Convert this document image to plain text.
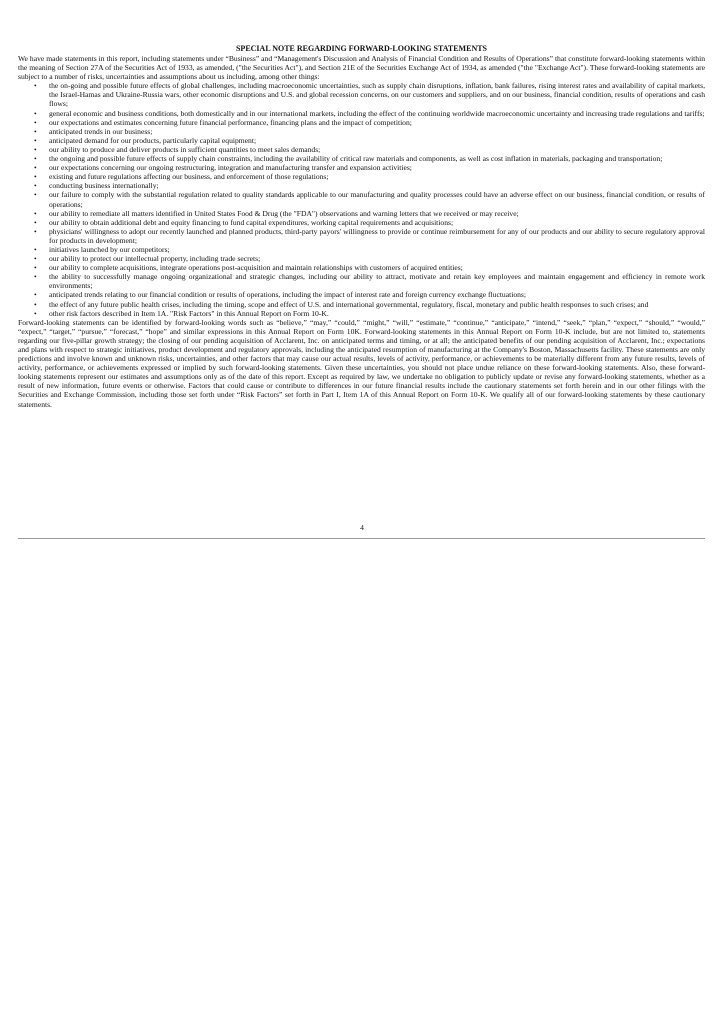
SPECIAL NOTE REGARDING FORWARD-LOOKING STATEMENTS

We have made statements in this report, including statements under “Business” and “Management's Discussion and Analysis of Financial Condition and Results of Operations” that constitute forward-looking statements within the meaning of Section 27A of the Securities Act of 1933, as amended, ("the Securities Act"), and Section 21E of the Securities Exchange Act of 1934, as amended ("the "Exchange Act"). These forward-looking statements are subject to a number of risks, uncertainties and assumptions about us including, among other things:

• the on-going and possible future effects of global challenges, including macroeconomic uncertainties, such as supply chain disruptions, inflation, bank failures, rising interest rates and availability of capital markets, the Israel-Hamas and Ukraine-Russia wars, other economic disruptions and U.S. and global recession concerns, on our customers and suppliers, and on our business, financial condition, results of operations and cash flows;
• general economic and business conditions, both domestically and in our international markets, including the effect of the continuing worldwide macroeconomic uncertainty and increasing trade regulations and tariffs;
• our expectations and estimates concerning future financial performance, financing plans and the impact of competition;
• anticipated trends in our business;
• anticipated demand for our products, particularly capital equipment;
• our ability to produce and deliver products in sufficient quantities to meet sales demands;
• the ongoing and possible future effects of supply chain constraints, including the availability of critical raw materials and components, as well as cost inflation in materials, packaging and transportation;
• our expectations concerning our ongoing restructuring, integration and manufacturing transfer and expansion activities;
• existing and future regulations affecting our business, and enforcement of those regulations;
• conducting business internationally;
• our failure to comply with the substantial regulation related to quality standards applicable to our manufacturing and quality processes could have an adverse effect on our business, financial condition, or results of operations;
• our ability to remediate all matters identified in United States Food & Drug (the "FDA") observations and warning letters that we received or may receive;
• our ability to obtain additional debt and equity financing to fund capital expenditures, working capital requirements and acquisitions;
• physicians' willingness to adopt our recently launched and planned products, third-party payors' willingness to provide or continue reimbursement for any of our products and our ability to secure regulatory approval for products in development;
• initiatives launched by our competitors;
• our ability to protect our intellectual property, including trade secrets;
• our ability to complete acquisitions, integrate operations post-acquisition and maintain relationships with customers of acquired entities;
• the ability to successfully manage ongoing organizational and strategic changes, including our ability to attract, motivate and retain key employees and maintain engagement and efficiency in remote work environments;
• anticipated trends relating to our financial condition or results of operations, including the impact of interest rate and foreign currency exchange fluctuations;
• the effect of any future public health crises, including the timing, scope and effect of U.S. and international governmental, regulatory, fiscal, monetary and public health responses to such crises; and
• other risk factors described in Item 1A. "Risk Factors" in this Annual Report on Form 10-K.

Forward-looking statements can be identified by forward-looking words such as “believe,” “may,” “could,” “might,” “will,” “estimate,” “continue,” “anticipate,” “intend,” “seek,” “plan,” “expect,” “should,” “would,” “expect,” “target,” “pursue,” “forecast,” “hope” and similar expressions in this Annual Report on Form 10K. Forward-looking statements in this Annual Report on Form 10-K include, but are not limited to, statements regarding our five-pillar growth strategy; the closing of our pending acquisition of Acclarent, Inc. on anticipated terms and timing, or at all; the anticipated benefits of our pending acquisition of Acclarent, Inc.; expectations and plans with respect to strategic initiatives, product development and regulatory approvals, including the anticipated resumption of manufacturing at the Company's Boston, Massachusetts facility. These statements are only predictions and involve known and unknown risks, uncertainties, and other factors that may cause our actual results, levels of activity, performance, or achievements to be materially different from any future results, levels of activity, performance, or achievements expressed or implied by such forward-looking statements. Given these uncertainties, you should not place undue reliance on these forward-looking statements. Also, these forward-looking statements represent our estimates and assumptions only as of the date of this report. Except as required by law, we undertake no obligation to publicly update or revise any forward-looking statements, whether as a result of new information, future events or otherwise. Factors that could cause or contribute to differences in our future financial results include the cautionary statements set forth herein and in our other filings with the Securities and Exchange Commission, including those set forth under “Risk Factors” set forth in Part I, Item 1A of this Annual Report on Form 10-K. We qualify all of our forward-looking statements by these cautionary statements.

4
